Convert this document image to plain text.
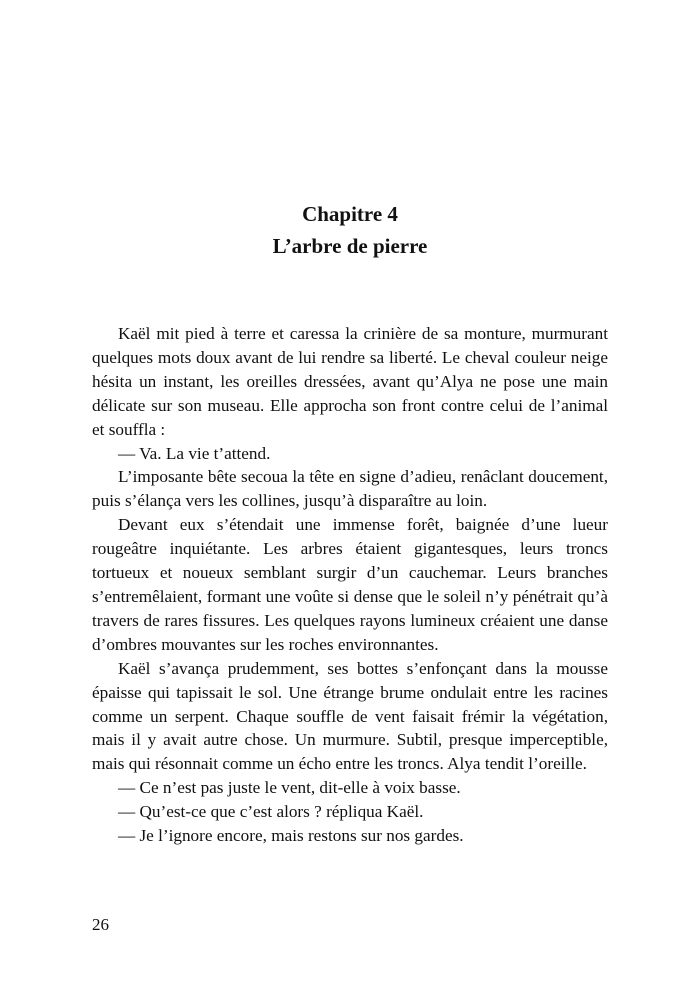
Chapitre 4
L’arbre de pierre

Kaël mit pied à terre et caressa la crinière de sa monture, murmurant quelques mots doux avant de lui rendre sa liberté. Le cheval couleur neige hésita un instant, les oreilles dressées, avant qu’Alya ne pose une main délicate sur son museau. Elle approcha son front contre celui de l’animal et souffla :

— Va. La vie t’attend.

L’imposante bête secoua la tête en signe d’adieu, renâclant doucement, puis s’élança vers les collines, jusqu’à disparaître au loin.

Devant eux s’étendait une immense forêt, baignée d’une lueur rougeâtre inquiétante. Les arbres étaient gigantesques, leurs troncs tortueux et noueux semblant surgir d’un cauchemar. Leurs branches s’entremêlaient, formant une voûte si dense que le soleil n’y pénétrait qu’à travers de rares fissures. Les quelques rayons lumineux créaient une danse d’ombres mouvantes sur les roches environnantes.

Kaël s’avança prudemment, ses bottes s’enfonçant dans la mousse épaisse qui tapissait le sol. Une étrange brume ondulait entre les racines comme un serpent. Chaque souffle de vent faisait frémir la végétation, mais il y avait autre chose. Un murmure. Subtil, presque imperceptible, mais qui résonnait comme un écho entre les troncs. Alya tendit l’oreille.

— Ce n’est pas juste le vent, dit-elle à voix basse.

— Qu’est-ce que c’est alors ? répliqua Kaël.

— Je l’ignore encore, mais restons sur nos gardes.

26
